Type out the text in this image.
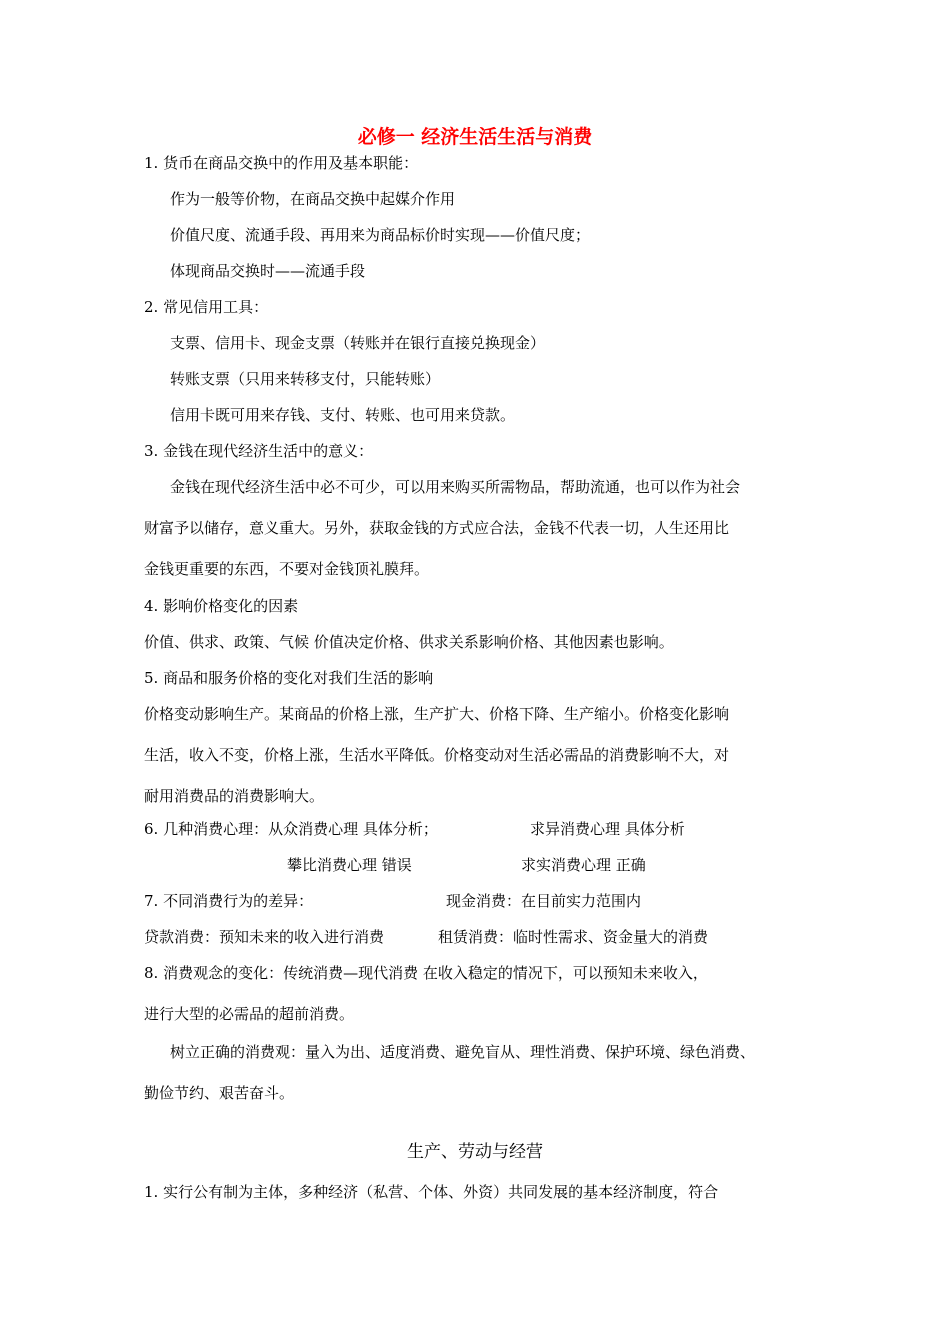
必修一 经济生活生活与消费
1. 货币在商品交换中的作用及基本职能：
作为一般等价物，在商品交换中起媒介作用
价值尺度、流通手段、再用来为商品标价时实现——价值尺度；
体现商品交换时——流通手段
2. 常见信用工具：
支票、信用卡、现金支票（转账并在银行直接兑换现金）
转账支票（只用来转移支付，只能转账）
信用卡既可用来存钱、支付、转账、也可用来贷款。
3. 金钱在现代经济生活中的意义：
金钱在现代经济生活中必不可少，可以用来购买所需物品，帮助流通，也可以作为社会
财富予以储存，意义重大。另外，获取金钱的方式应合法，金钱不代表一切，人生还用比
金钱更重要的东西，不要对金钱顶礼膜拜。
4. 影响价格变化的因素
价值、供求、政策、气候 价值决定价格、供求关系影响价格、其他因素也影响。
5. 商品和服务价格的变化对我们生活的影响
价格变动影响生产。某商品的价格上涨，生产扩大、价格下降、生产缩小。价格变化影响
生活，收入不变，价格上涨，生活水平降低。价格变动对生活必需品的消费影响不大，对
耐用消费品的消费影响大。
6. 几种消费心理：从众消费心理 具体分析；	求异消费心理 具体分析
攀比消费心理 错误	求实消费心理 正确
7. 不同消费行为的差异：	现金消费：在目前实力范围内
贷款消费：预知未来的收入进行消费	租赁消费：临时性需求、资金量大的消费
8. 消费观念的变化：传统消费—现代消费 在收入稳定的情况下，可以预知未来收入，
进行大型的必需品的超前消费。
树立正确的消费观：量入为出、适度消费、避免盲从、理性消费、保护环境、绿色消费、
勤俭节约、艰苦奋斗。
生产、劳动与经营
1. 实行公有制为主体，多种经济（私营、个体、外资）共同发展的基本经济制度，符合
